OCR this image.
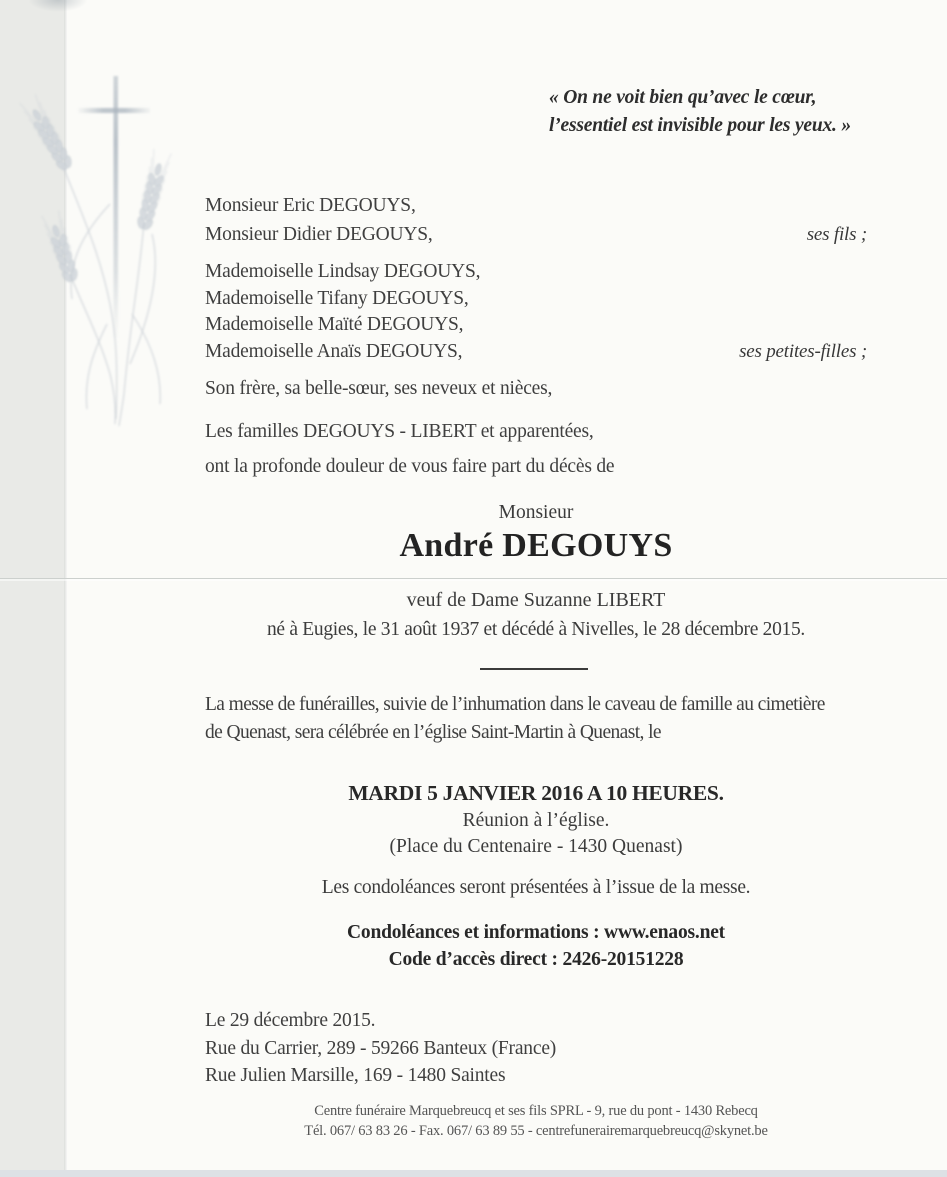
« On ne voit bien qu’avec le cœur,
l’essentiel est invisible pour les yeux. »
Monsieur Eric DEGOUYS,
Monsieur Didier DEGOUYS,	ses fils ;
Mademoiselle Lindsay DEGOUYS,
Mademoiselle Tifany DEGOUYS,
Mademoiselle Maïté DEGOUYS,
Mademoiselle Anaïs DEGOUYS,	ses petites-filles ;
Son frère, sa belle-sœur, ses neveux et nièces,
Les familles DEGOUYS - LIBERT et apparentées,
ont la profonde douleur de vous faire part du décès de
Monsieur
André DEGOUYS
veuf de Dame Suzanne LIBERT
né à Eugies, le 31 août 1937 et décédé à Nivelles, le 28 décembre 2015.
La messe de funérailles, suivie de l’inhumation dans le caveau de famille au cimetière
de Quenast, sera célébrée en l’église Saint-Martin à Quenast, le
MARDI 5 JANVIER 2016 A 10 HEURES.
Réunion à l’église.
(Place du Centenaire - 1430 Quenast)
Les condoléances seront présentées à l’issue de la messe.
Condoléances et informations : www.enaos.net
Code d’accès direct : 2426-20151228
Le 29 décembre 2015.
Rue du Carrier, 289 - 59266 Banteux (France)
Rue Julien Marsille, 169 - 1480 Saintes
Centre funéraire Marquebreucq et ses fils SPRL - 9, rue du pont - 1430 Rebecq
Tél. 067/ 63 83 26 - Fax. 067/ 63 89 55 - centrefunerairemarquebreucq@skynet.be
